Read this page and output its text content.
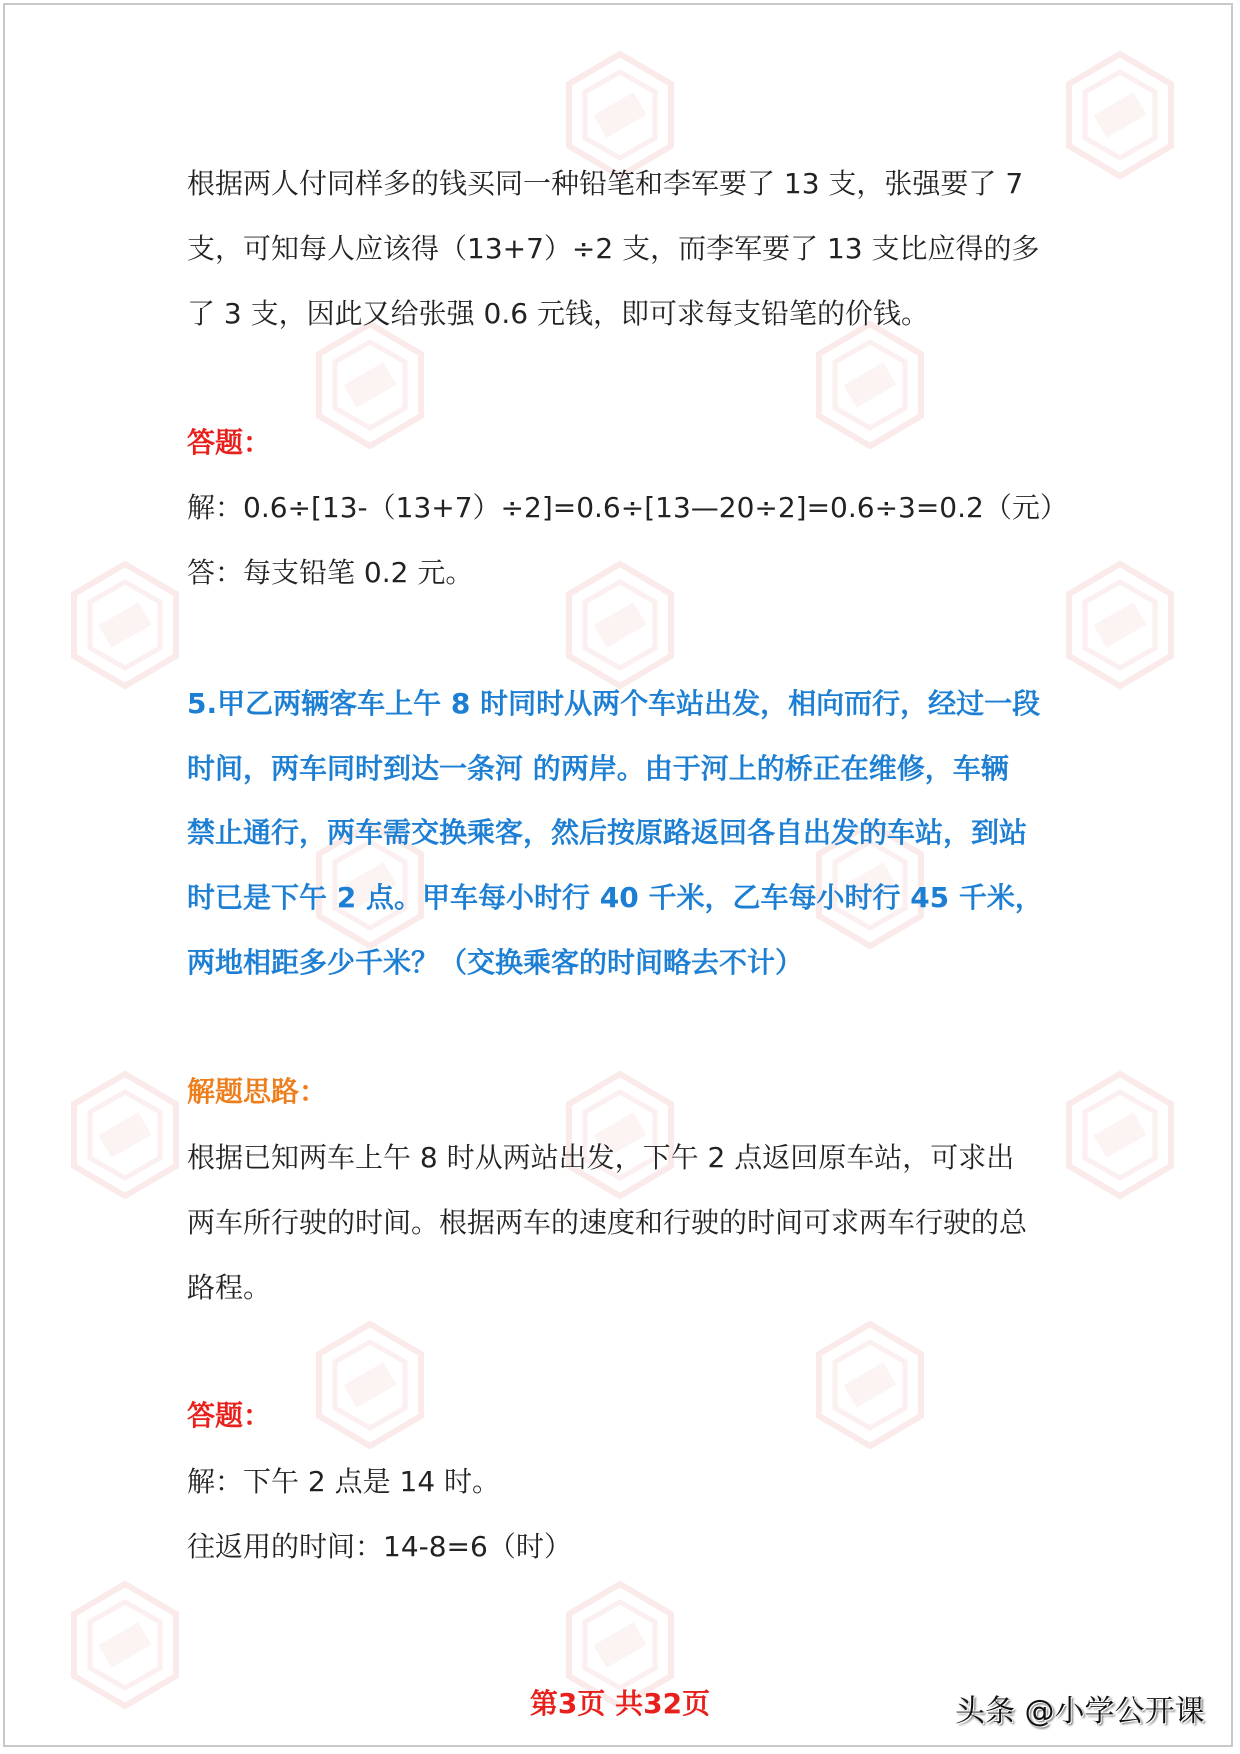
根据两人付同样多的钱买同一种铅笔和李军要了 13 支，张强要了 7
支，可知每人应该得（13+7）÷2 支，而李军要了 13 支比应得的多
了 3 支，因此又给张强 0.6 元钱，即可求每支铅笔的价钱。
答题：
解：0.6÷[13-（13+7）÷2]=0.6÷[13—20÷2]=0.6÷3=0.2（元）
答：每支铅笔 0.2 元。
5.甲乙两辆客车上午 8 时同时从两个车站出发，相向而行，经过一段
时间，两车同时到达一条河 的两岸。由于河上的桥正在维修，车辆
禁止通行，两车需交换乘客，然后按原路返回各自出发的车站，到站
时已是下午 2 点。甲车每小时行 40 千米，乙车每小时行 45 千米，
两地相距多少千米？（交换乘客的时间略去不计）
解题思路：
根据已知两车上午 8 时从两站出发，下午 2 点返回原车站，可求出
两车所行驶的时间。根据两车的速度和行驶的时间可求两车行驶的总
路程。
答题：
解：下午 2 点是 14 时。
往返用的时间：14-8=6（时）
第3页 共32页	头条 @小学公开课
